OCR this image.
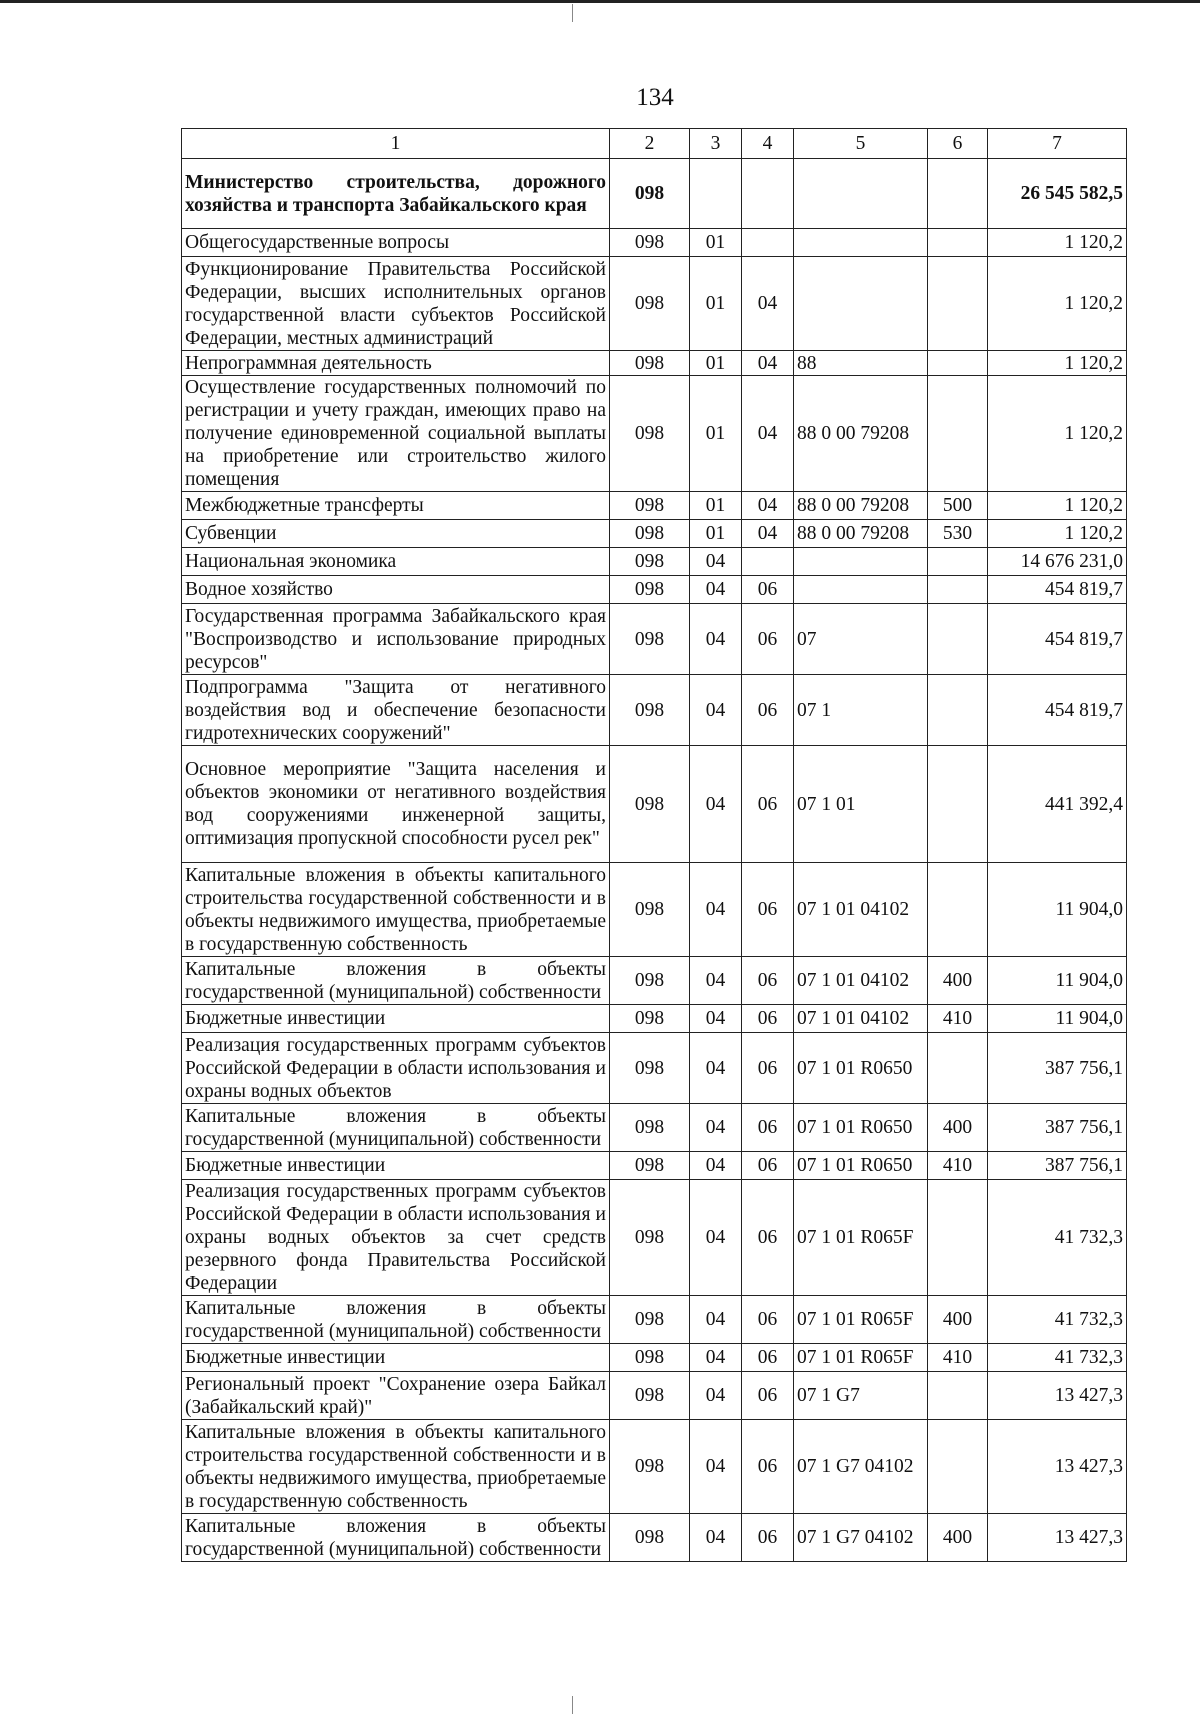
134
1	2	3	4	5	6	7
Министерство строительства, дорожного хозяйства и транспорта Забайкальского края	098					26 545 582,5
Общегосударственные вопросы	098	01				1 120,2
Функционирование Правительства Российской Федерации, высших исполнительных органов государственной власти субъектов Российской Федерации, местных администраций	098	01	04			1 120,2
Непрограммная деятельность	098	01	04	88		1 120,2
Осуществление государственных полномочий по регистрации и учету граждан, имеющих право на получение единовременной социальной выплаты на приобретение или строительство жилого помещения	098	01	04	88 0 00 79208		1 120,2
Межбюджетные трансферты	098	01	04	88 0 00 79208	500	1 120,2
Субвенции	098	01	04	88 0 00 79208	530	1 120,2
Национальная экономика	098	04				14 676 231,0
Водное хозяйство	098	04	06			454 819,7
Государственная программа Забайкальского края "Воспроизводство и использование природных ресурсов"	098	04	06	07		454 819,7
Подпрограмма "Защита от негативного воздействия вод и обеспечение безопасности гидротехнических сооружений"	098	04	06	07 1		454 819,7
Основное мероприятие "Защита населения и объектов экономики от негативного воздействия вод сооружениями инженерной защиты, оптимизация пропускной способности русел рек"	098	04	06	07 1 01		441 392,4
Капитальные вложения в объекты капитального строительства государственной собственности и в объекты недвижимого имущества, приобретаемые в государственную собственность	098	04	06	07 1 01 04102		11 904,0
Капитальные вложения в объекты государственной (муниципальной) собственности	098	04	06	07 1 01 04102	400	11 904,0
Бюджетные инвестиции	098	04	06	07 1 01 04102	410	11 904,0
Реализация государственных программ субъектов Российской Федерации в области использования и охраны водных объектов	098	04	06	07 1 01 R0650		387 756,1
Капитальные вложения в объекты государственной (муниципальной) собственности	098	04	06	07 1 01 R0650	400	387 756,1
Бюджетные инвестиции	098	04	06	07 1 01 R0650	410	387 756,1
Реализация государственных программ субъектов Российской Федерации в области использования и охраны водных объектов за счет средств резервного фонда Правительства Российской Федерации	098	04	06	07 1 01 R065F		41 732,3
Капитальные вложения в объекты государственной (муниципальной) собственности	098	04	06	07 1 01 R065F	400	41 732,3
Бюджетные инвестиции	098	04	06	07 1 01 R065F	410	41 732,3
Региональный проект "Сохранение озера Байкал (Забайкальский край)"	098	04	06	07 1 G7		13 427,3
Капитальные вложения в объекты капитального строительства государственной собственности и в объекты недвижимого имущества, приобретаемые в государственную собственность	098	04	06	07 1 G7 04102		13 427,3
Капитальные вложения в объекты государственной (муниципальной) собственности	098	04	06	07 1 G7 04102	400	13 427,3
